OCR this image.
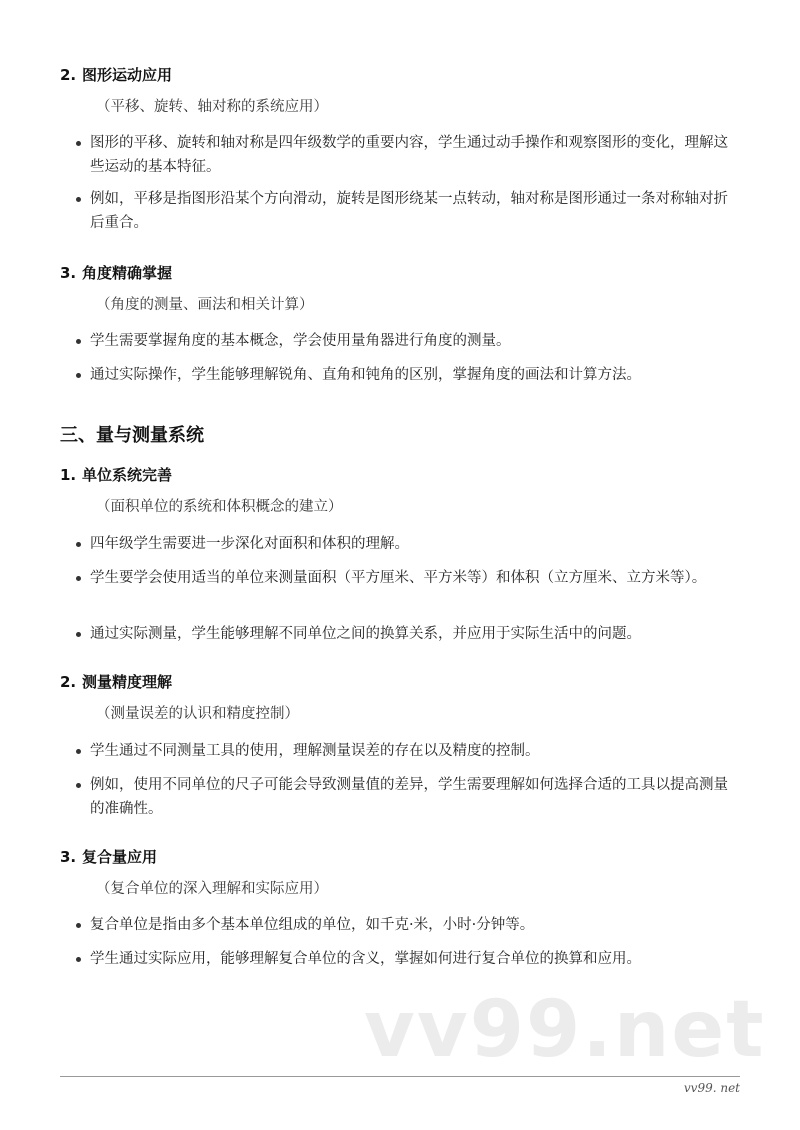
2. 图形运动应用
（平移、旋转、轴对称的系统应用）
图形的平移、旋转和轴对称是四年级数学的重要内容，学生通过动手操作和观察图形的变化，理解这些运动的基本特征。
例如，平移是指图形沿某个方向滑动，旋转是图形绕某一点转动，轴对称是图形通过一条对称轴对折后重合。
3. 角度精确掌握
（角度的测量、画法和相关计算）
学生需要掌握角度的基本概念，学会使用量角器进行角度的测量。
通过实际操作，学生能够理解锐角、直角和钝角的区别，掌握角度的画法和计算方法。
三、量与测量系统
1. 单位系统完善
（面积单位的系统和体积概念的建立）
四年级学生需要进一步深化对面积和体积的理解。
学生要学会使用适当的单位来测量面积（平方厘米、平方米等）和体积（立方厘米、立方米等）。
通过实际测量，学生能够理解不同单位之间的换算关系，并应用于实际生活中的问题。
2. 测量精度理解
（测量误差的认识和精度控制）
学生通过不同测量工具的使用，理解测量误差的存在以及精度的控制。
例如，使用不同单位的尺子可能会导致测量值的差异，学生需要理解如何选择合适的工具以提高测量的准确性。
3. 复合量应用
（复合单位的深入理解和实际应用）
复合单位是指由多个基本单位组成的单位，如千克·米，小时·分钟等。
学生通过实际应用，能够理解复合单位的含义，掌握如何进行复合单位的换算和应用。
vv99.net
vv99. net
